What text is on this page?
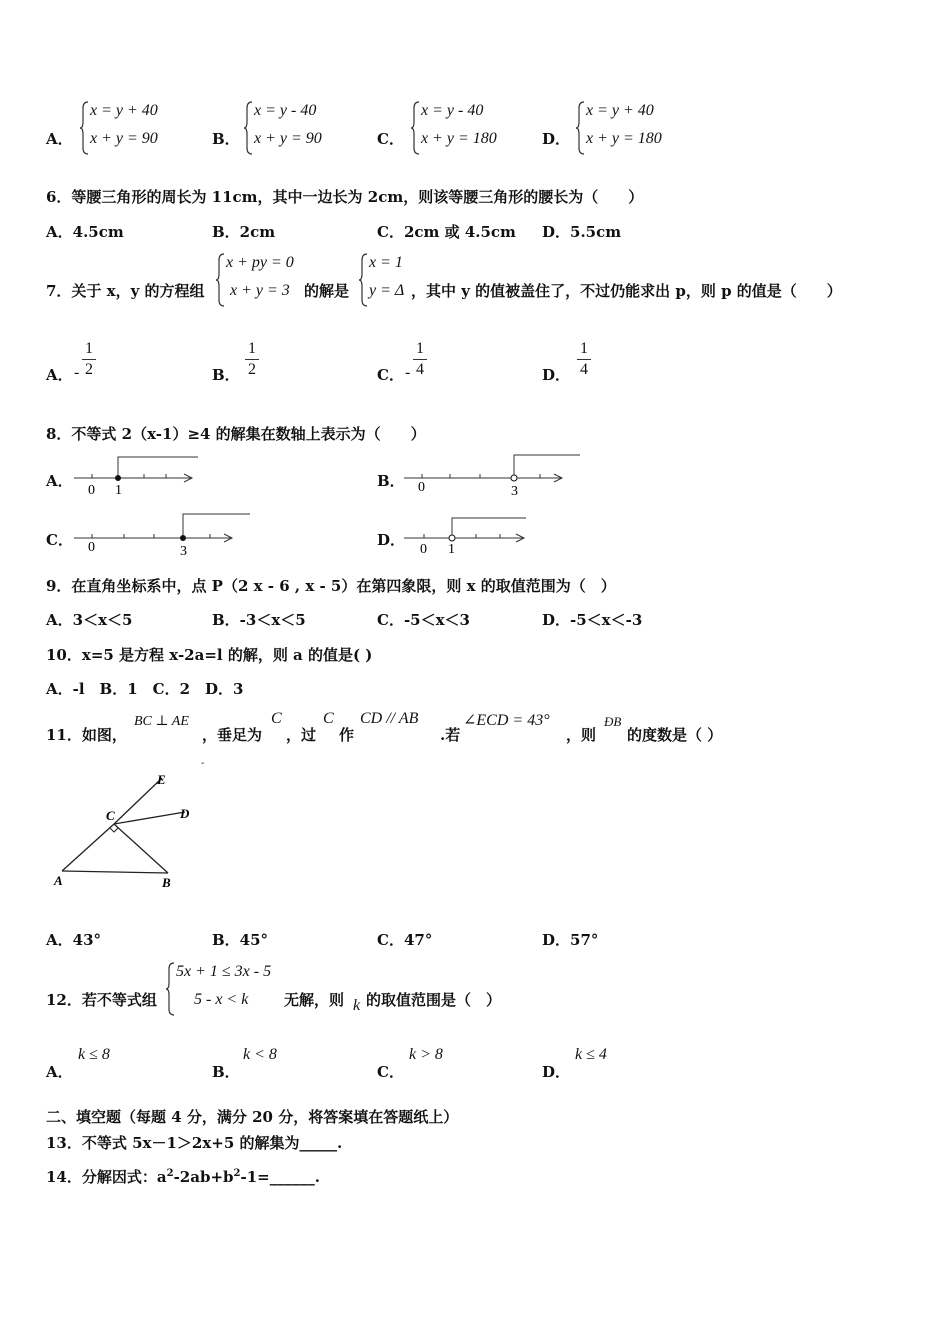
A．
x = y + 40
x + y = 90	B．
x = y - 40
x + y = 90	C．
x = y - 40
x + y = 180	D．
x = y + 40
x + y = 180
6．等腰三角形的周长为 11cm，其中一边长为 2cm，则该等腰三角形的腰长为（　　）
A．4.5cm	B．2cm	C．2cm 或 4.5cm D．5.5cm
7．关于 x，y 的方程组
x + py = 0
x + y = 3 的解是
x = 1
y = Δ ，其中 y 的值被盖住了，不过仍能求出 p，则 p 的值是（　　）
A． -
1
2	B．
1
2	C． -
1
4	D．
1
4
8．不等式 2（x-1）≥4 的解集在数轴上表示为（　　）
A．
0 1
B． 0	3
C． 0	3
D．
0 1
9．在直角坐标系中，点 P（2 x - 6 , x - 5）在第四象限，则 x 的取值范围为（　）
A．3＜x＜5	B．-3＜x＜5	C．-5＜x＜3	D．-5＜x＜-3
10．x=5 是方程 x-2a=l 的解，则 a 的值是( )
A．-l　B．1　C．2　D．3
11．如图，
BC ⊥ AE
，垂足为
C
，过
C
作
CD // AB
.若
∠ECD = 43°
，则
ÐB
的度数是（ ）
-
E
D
C
A	B
A．43°	B．45°	C．47°	D．57°
12．若不等式组
5x + 1 ≤ 3x - 5
5 - x < k 无解，则 k 的取值范围是（　）
A．
k ≤ 8
B．
k < 8
C．
k > 8
D．
k ≤ 4
二、填空题（每题 4 分，满分 20 分，将答案填在答题纸上）
13．不等式 5x－1＞2x+5 的解集为_____.
14．分解因式：$a^2-2ab+b^2-1=\_\_\_\_\_\_$.
